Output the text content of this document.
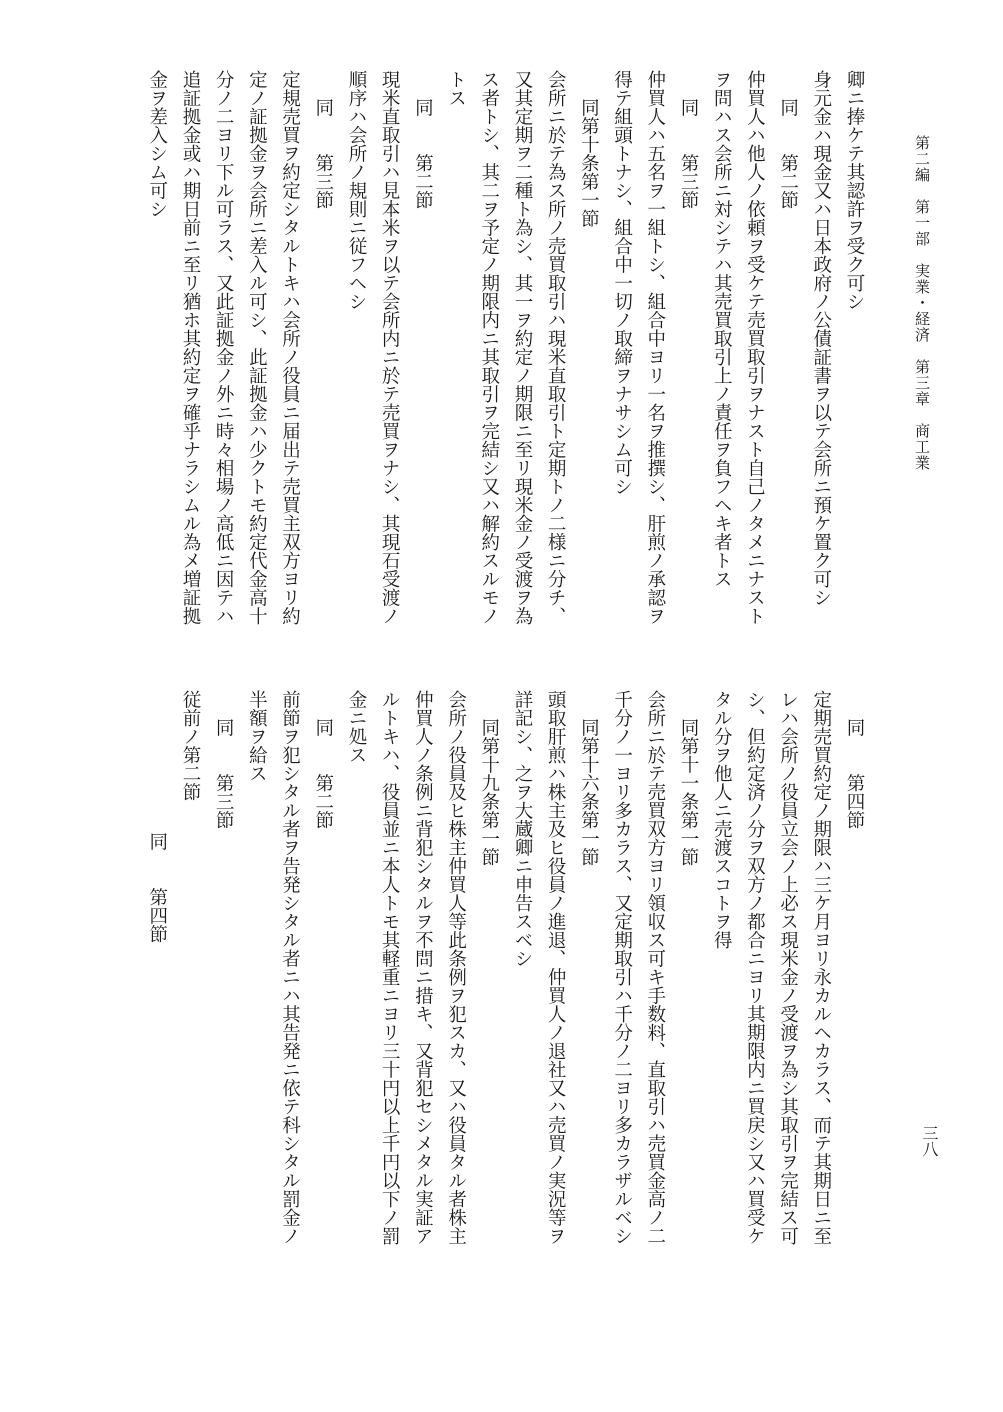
第二編　第一部　実業・経済　第三章　商工業
三八
卿ニ捧ケテ其認許ヲ受ク可シ
身元金ハ現金又ハ日本政府ノ公債証書ヲ以テ会所ニ預ケ置ク可シ
同　　第二節
仲買人ハ他人ノ依頼ヲ受ケテ売買取引ヲナスト自己ノタメニナスト
ヲ問ハス会所ニ対シテハ其売買取引上ノ責任ヲ負フヘキ者トス
同　　第三節
仲買人ハ五名ヲ一組トシ、組合中ヨリ一名ヲ推撰シ、肝煎ノ承認ヲ
得テ組頭トナシ、組合中一切ノ取締ヲナサシム可シ
同第十条第一節
会所ニ於テ為ス所ノ売買取引ハ現米直取引ト定期トノ二様ニ分チ、
又其定期ヲ二種ト為シ、其一ヲ約定ノ期限ニ至リ現米金ノ受渡ヲ為
ス者トシ、其二ヲ予定ノ期限内ニ其取引ヲ完結シ又ハ解約スルモノ
トス
同　　第二節
現米直取引ハ見本米ヲ以テ会所内ニ於テ売買ヲナシ、其現石受渡ノ
順序ハ会所ノ規則ニ従フヘシ
同　　第三節
定規売買ヲ約定シタルトキハ会所ノ役員ニ届出テ売買主双方ヨリ約
定ノ証拠金ヲ会所ニ差入ル可シ、此証拠金ハ少クトモ約定代金高十
分ノ二ヨリ下ル可ラス、又此証拠金ノ外ニ時々相場ノ高低ニ因テハ
追証拠金或ハ期日前ニ至リ猶ホ其約定ヲ確乎ナラシムル為メ増証拠
金ヲ差入シム可シ
同　　第四節
定期売買約定ノ期限ハ三ケ月ヨリ永カルヘカラス、而テ其期日ニ至
レハ会所ノ役員立会ノ上必ス現米金ノ受渡ヲ為シ其取引ヲ完結ス可
シ、但約定済ノ分ヲ双方ノ都合ニヨリ其期限内ニ買戻シ又ハ買受ケ
タル分ヲ他人ニ売渡スコトヲ得
同第十一条第一節
会所ニ於テ売買双方ヨリ領収ス可キ手数料、直取引ハ売買金高ノ二
千分ノ一ヨリ多カラス、又定期取引ハ千分ノ二ヨリ多カラザルベシ
同第十六条第一節
頭取肝煎ハ株主及ヒ役員ノ進退、仲買人ノ退社又ハ売買ノ実況等ヲ
詳記シ、之ヲ大蔵卿ニ申告スベシ
同第十九条第一節
会所ノ役員及ヒ株主仲買人等此条例ヲ犯スカ、又ハ役員タル者株主
仲買人ノ条例ニ背犯シタルヲ不問ニ措キ、又背犯セシメタル実証ア
ルトキハ、役員並ニ本人トモ其軽重ニヨリ三十円以上千円以下ノ罰
金ニ処ス
同　　第二節
前節ヲ犯シタル者ヲ告発シタル者ニハ其告発ニ依テ科シタル罰金ノ
半額ヲ給ス
同　　第三節
従前ノ第二節
同　　第四節
